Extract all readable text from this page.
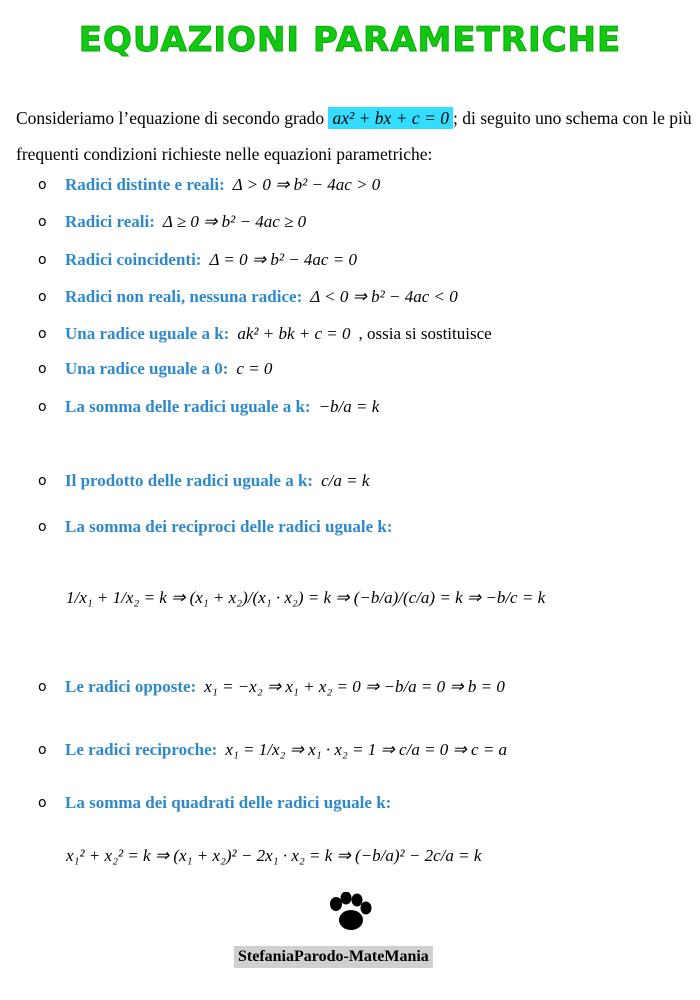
EQUAZIONI PARAMETRICHE
Consideriamo l’equazione di secondo grado ax² + bx + c = 0 ; di seguito uno schema con le più frequenti condizioni richieste nelle equazioni parametriche:
o	Radici distinte e reali: Δ > 0 ⇒ b² − 4ac > 0
o	Radici reali: Δ ≥ 0 ⇒ b² − 4ac ≥ 0
o	Radici coincidenti: Δ = 0 ⇒ b² − 4ac = 0
o	Radici non reali, nessuna radice: Δ < 0 ⇒ b² − 4ac < 0
o	Una radice uguale a k: ak² + bk + c = 0 , ossia si sostituisce
o	Una radice uguale a 0: c = 0
o	La somma delle radici uguale a k: −b/a = k
o	Il prodotto delle radici uguale a k: c/a = k
o	La somma dei reciproci delle radici uguale k:
1/x₁ + 1/x₂ = k ⇒ (x₁ + x₂)/(x₁ · x₂) = k ⇒ (−b/a)/(c/a) = k ⇒ −b/c = k
o	Le radici opposte: x₁ = −x₂ ⇒ x₁ + x₂ = 0 ⇒ −b/a = 0 ⇒ b = 0
o	Le radici reciproche: x₁ = 1/x₂ ⇒ x₁ · x₂ = 1 ⇒ c/a = 0 ⇒ c = a
o	La somma dei quadrati delle radici uguale k:
x₁² + x₂² = k ⇒ (x₁ + x₂)² − 2x₁ · x₂ = k ⇒ (−b/a)² − 2c/a = k
StefaniaParodo-MateMania
